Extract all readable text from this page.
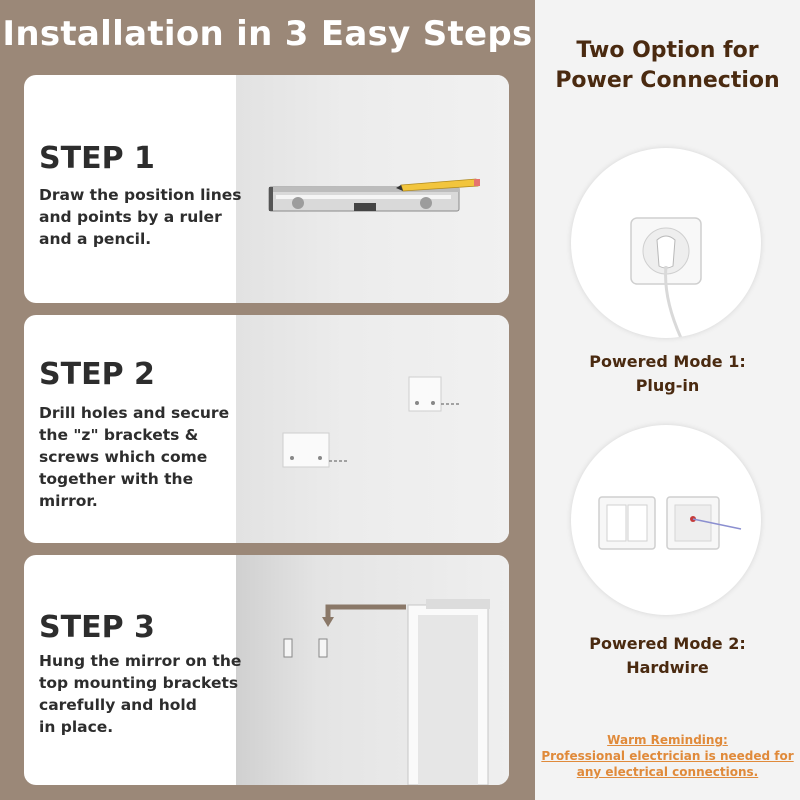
Installation in 3 Easy Steps
STEP 1
Draw the position lines
and points by a ruler
and a pencil.
STEP 2
Drill holes and secure
the "z" brackets &
screws which come
together with the
mirror.
STEP 3
Hung the mirror on the
top mounting brackets
carefully and hold
in place.
Two Option for
Power Connection
Powered Mode 1:
Plug-in
Powered Mode 2:
Hardwire
Warm Reminding:
Professional electrician is needed for
any electrical connections.
